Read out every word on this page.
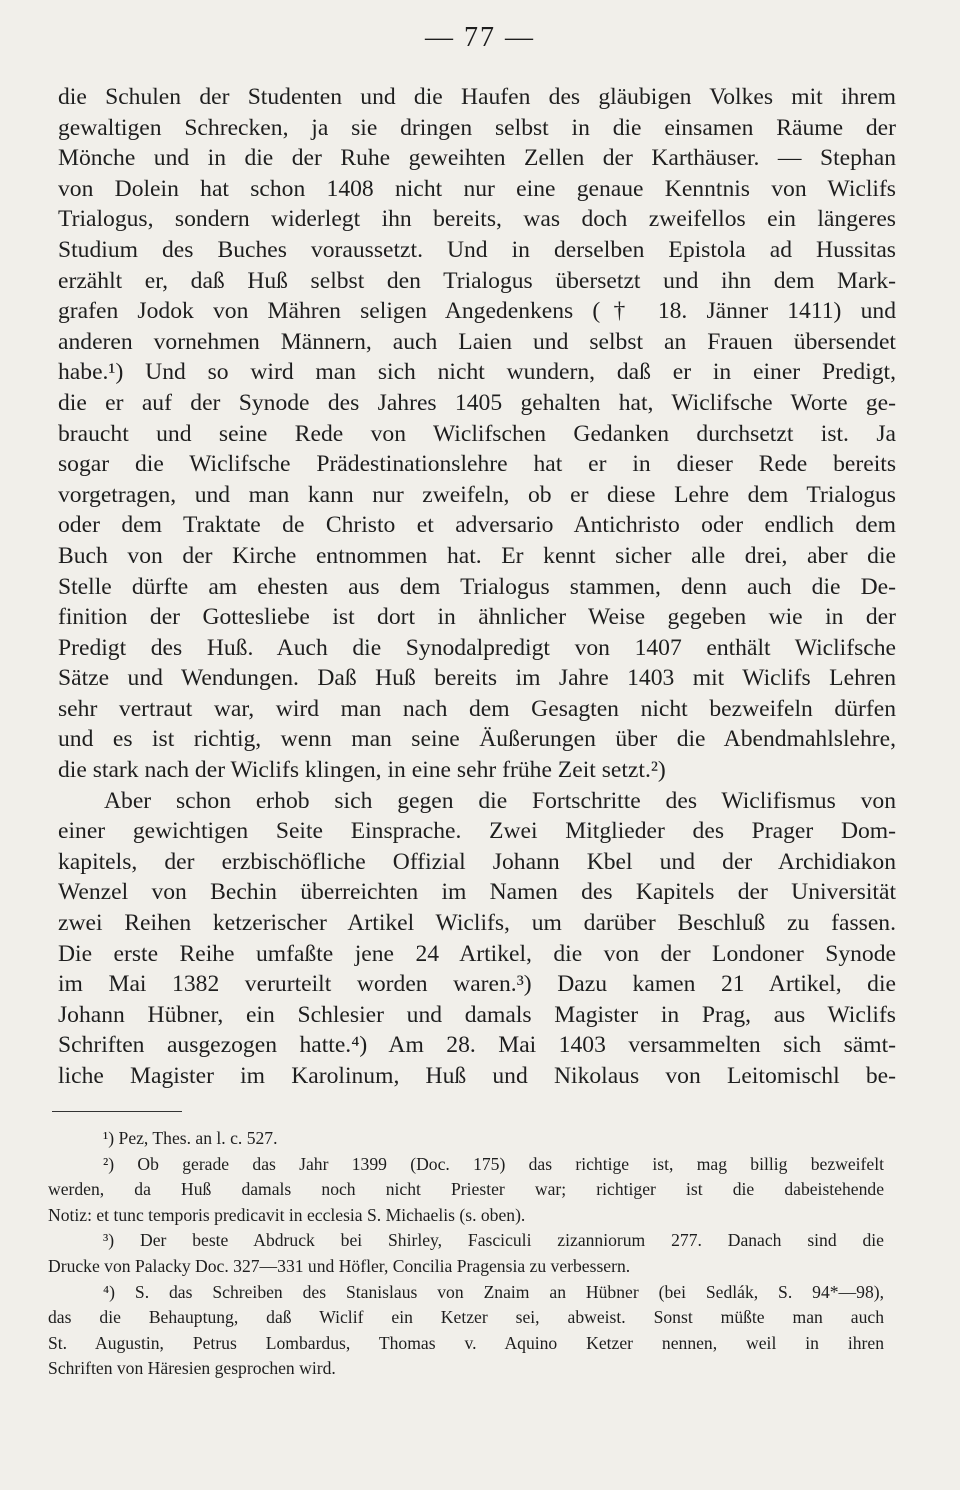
— 77 —
die Schulen der Studenten und die Haufen des gläubigen Volkes mit ihrem
gewaltigen Schrecken, ja sie dringen selbst in die einsamen Räume der
Mönche und in die der Ruhe geweihten Zellen der Karthäuser. — Stephan
von Dolein hat schon 1408 nicht nur eine genaue Kenntnis von Wiclifs
Trialogus, sondern widerlegt ihn bereits, was doch zweifellos ein längeres
Studium des Buches voraussetzt. Und in derselben Epistola ad Hussitas
erzählt er, daß Huß selbst den Trialogus übersetzt und ihn dem Mark-
grafen Jodok von Mähren seligen Angedenkens († 18. Jänner 1411) und
anderen vornehmen Männern, auch Laien und selbst an Frauen übersendet
habe.¹) Und so wird man sich nicht wundern, daß er in einer Predigt,
die er auf der Synode des Jahres 1405 gehalten hat, Wiclifsche Worte ge-
braucht und seine Rede von Wiclifschen Gedanken durchsetzt ist. Ja
sogar die Wiclifsche Prädestinationslehre hat er in dieser Rede bereits
vorgetragen, und man kann nur zweifeln, ob er diese Lehre dem Trialogus
oder dem Traktate de Christo et adversario Antichristo oder endlich dem
Buch von der Kirche entnommen hat. Er kennt sicher alle drei, aber die
Stelle dürfte am ehesten aus dem Trialogus stammen, denn auch die De-
finition der Gottesliebe ist dort in ähnlicher Weise gegeben wie in der
Predigt des Huß. Auch die Synodalpredigt von 1407 enthält Wiclifsche
Sätze und Wendungen. Daß Huß bereits im Jahre 1403 mit Wiclifs Lehren
sehr vertraut war, wird man nach dem Gesagten nicht bezweifeln dürfen
und es ist richtig, wenn man seine Äußerungen über die Abendmahlslehre,
die stark nach der Wiclifs klingen, in eine sehr frühe Zeit setzt.²)
Aber schon erhob sich gegen die Fortschritte des Wiclifismus von
einer gewichtigen Seite Einsprache. Zwei Mitglieder des Prager Dom-
kapitels, der erzbischöfliche Offizial Johann Kbel und der Archidiakon
Wenzel von Bechin überreichten im Namen des Kapitels der Universität
zwei Reihen ketzerischer Artikel Wiclifs, um darüber Beschluß zu fassen.
Die erste Reihe umfaßte jene 24 Artikel, die von der Londoner Synode
im Mai 1382 verurteilt worden waren.³) Dazu kamen 21 Artikel, die
Johann Hübner, ein Schlesier und damals Magister in Prag, aus Wiclifs
Schriften ausgezogen hatte.⁴) Am 28. Mai 1403 versammelten sich sämt-
liche Magister im Karolinum, Huß und Nikolaus von Leitomischl be-
¹) Pez, Thes. an l. c. 527.
²) Ob gerade das Jahr 1399 (Doc. 175) das richtige ist, mag billig bezweifelt
werden, da Huß damals noch nicht Priester war; richtiger ist die dabeistehende
Notiz: et tunc temporis predicavit in ecclesia S. Michaelis (s. oben).
³) Der beste Abdruck bei Shirley, Fasciculi zizanniorum 277. Danach sind die
Drucke von Palacky Doc. 327—331 und Höfler, Concilia Pragensia zu verbessern.
⁴) S. das Schreiben des Stanislaus von Znaim an Hübner (bei Sedlák, S. 94*—98),
das die Behauptung, daß Wiclif ein Ketzer sei, abweist. Sonst müßte man auch
St. Augustin, Petrus Lombardus, Thomas v. Aquino Ketzer nennen, weil in ihren
Schriften von Häresien gesprochen wird.
